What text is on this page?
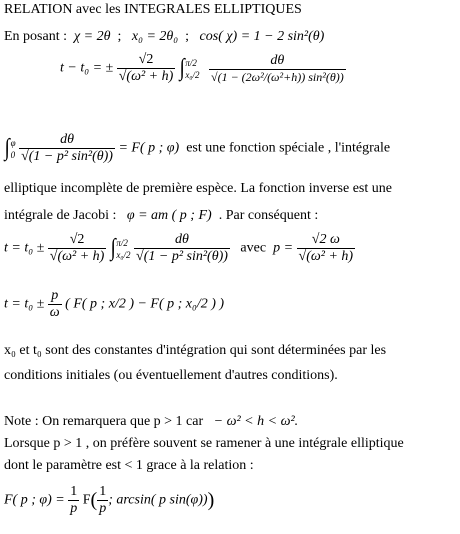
RELATION avec les INTEGRALES ELLIPTIQUES
En posant : χ = 2θ ; x₀ = 2θ₀ ; cos( χ) = 1 − 2 sin²(θ)
t − t₀ = ± $\frac{√2}{\text{√(ω² + h)}}$ ∫ π/2
x₀/2
$\frac{d\theta}{\text{√(1 − (2ω²/(ω²+h)) sin²(θ))}}$
∫ φ
0
$\frac{d\theta}{\text{√(1 − p² sin²(θ))}} = F$( p ; φ) est une fonction spéciale , l'intégrale
elliptique incomplète de première espèce. La fonction inverse est une
intégrale de Jacobi : φ = am ( p ; F) . Par conséquent :
$t = t_0 \pm \frac{√2}{\text{√(ω² + h)}}$ ∫ π/2
x₀/2
$\frac{d\theta}{\text{√(1 − p² sin²(θ))}}$ avec $p = \frac{√2 \omega}{\text{√(ω² + h)}}$
$t = t_0 \pm \frac{p}{\omega}$ ( F( p ; x/2 ) − F( p ; x₀/2 ) )
x₀ et t₀ sont des constantes d'intégration qui sont déterminées par les
conditions initiales (ou éventuellement d'autres conditions).
Note : On remarquera que p > 1 car − ω² < h < ω².
Lorsque p > 1 , on préfère souvent se ramener à une intégrale elliptique
dont le paramètre est < 1 grace à la relation :
F( p ; $\varphi) = \frac{1}{p} F( \frac{1}{p}$ ; arcsin( p sin(φ)))
